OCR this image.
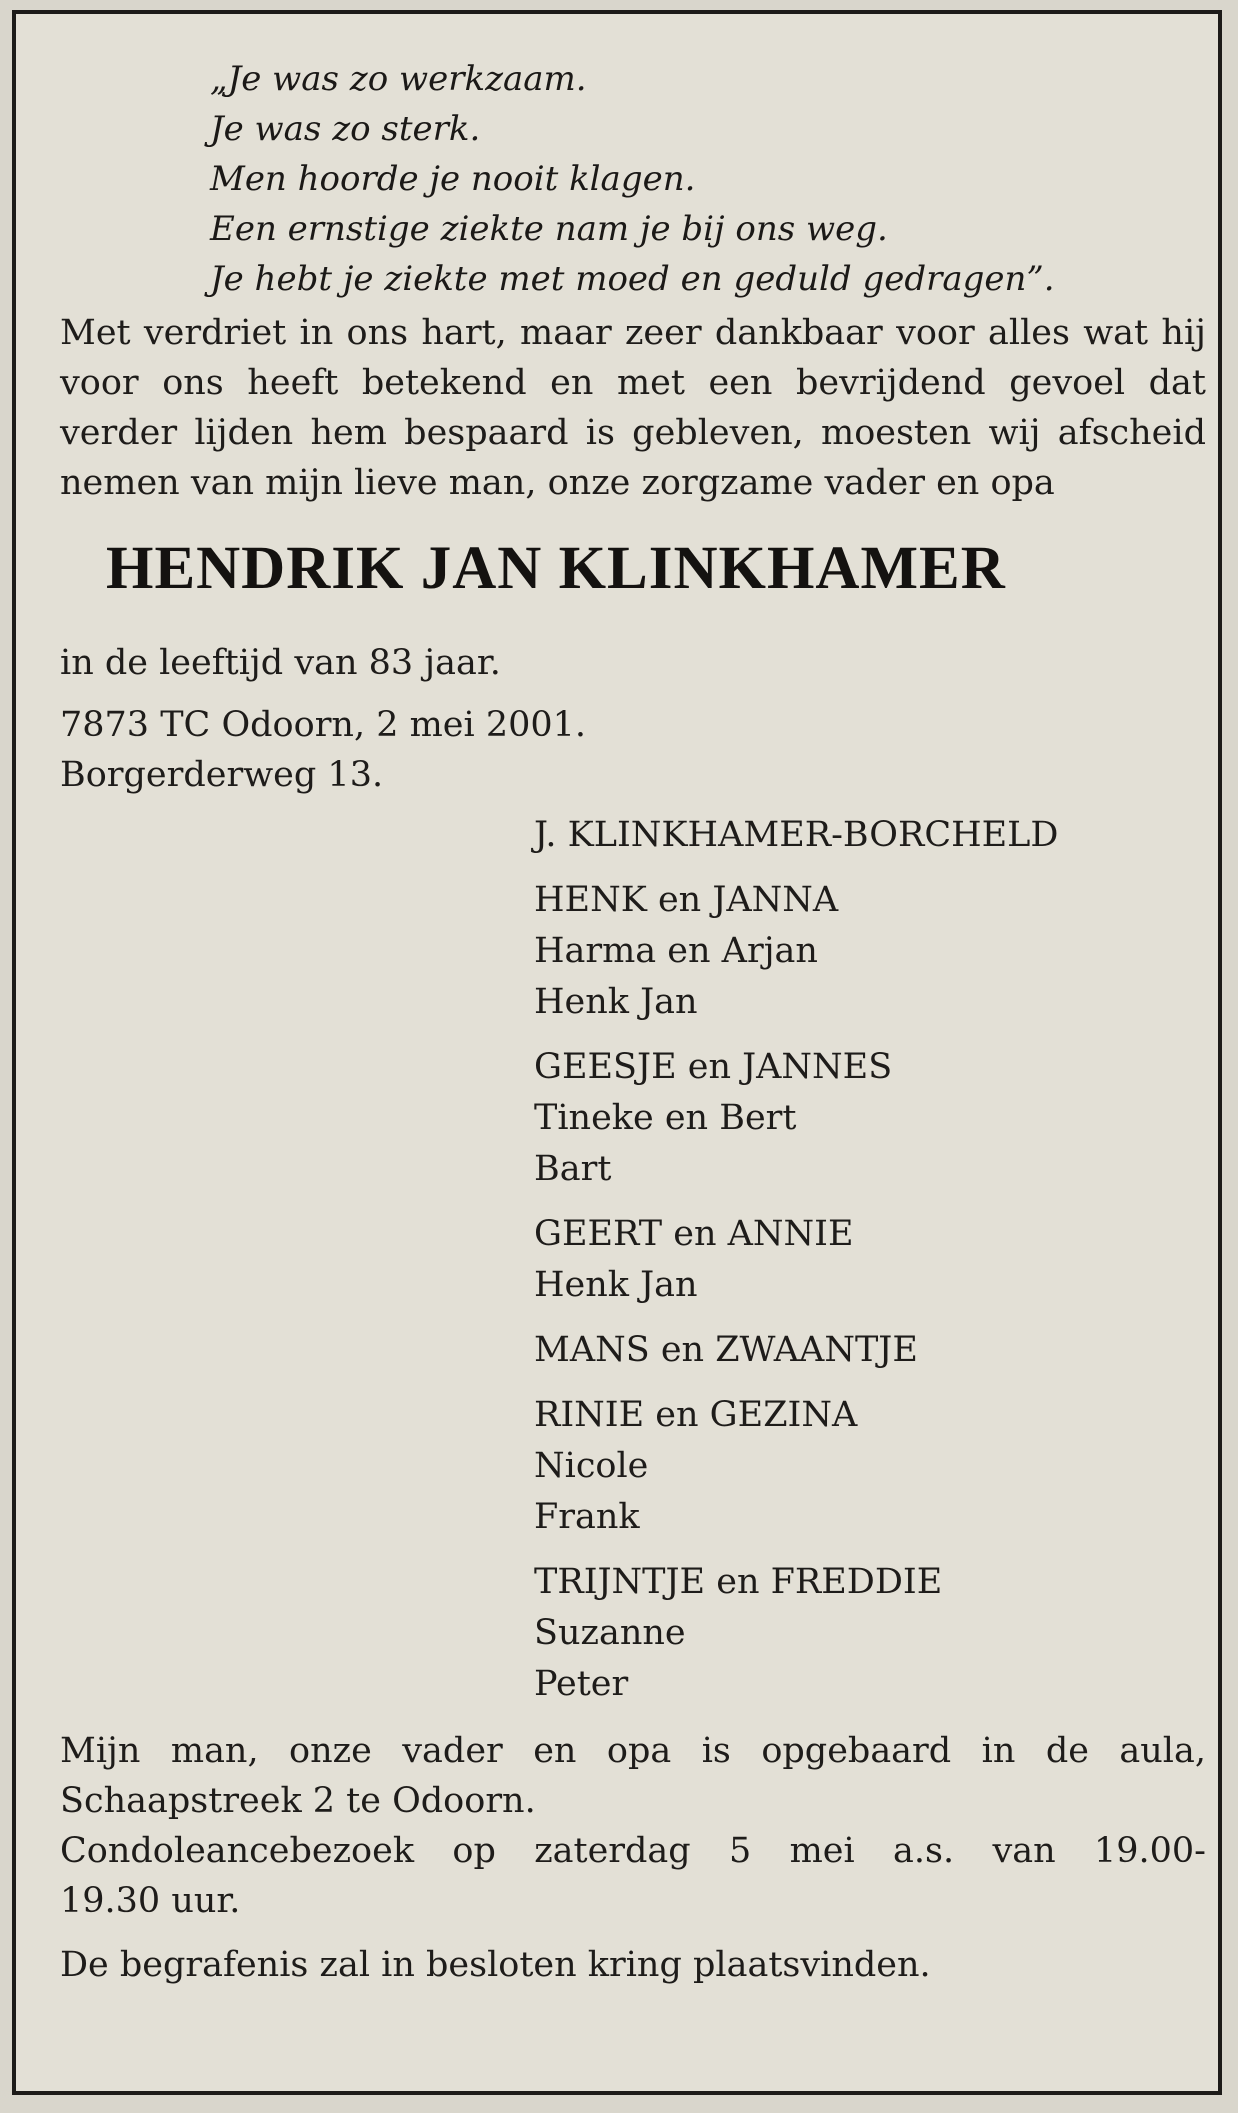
„Je was zo werkzaam.
Je was zo sterk.
Men hoorde je nooit klagen.
Een ernstige ziekte nam je bij ons weg.
Je hebt je ziekte met moed en geduld gedragen”.
Met verdriet in ons hart, maar zeer dankbaar voor alles wat hij voor ons heeft betekend en met een bevrijdend gevoel dat verder lijden hem bespaard is gebleven, moesten wij afscheid nemen van mijn lieve man, onze zorgzame vader en opa
HENDRIK JAN KLINKHAMER
in de leeftijd van 83 jaar.
7873 TC Odoorn, 2 mei 2001.
Borgerderweg 13.
J. KLINKHAMER-BORCHELD
HENK en JANNA
Harma en Arjan
Henk Jan
GEESJE en JANNES
Tineke en Bert
Bart
GEERT en ANNIE
Henk Jan
MANS en ZWAANTJE
RINIE en GEZINA
Nicole
Frank
TRIJNTJE en FREDDIE
Suzanne
Peter
Mijn man, onze vader en opa is opgebaard in de aula,
Schaapstreek 2 te Odoorn.
Condoleancebezoek op zaterdag 5 mei a.s. van 19.00-
19.30 uur.
De begrafenis zal in besloten kring plaatsvinden.
